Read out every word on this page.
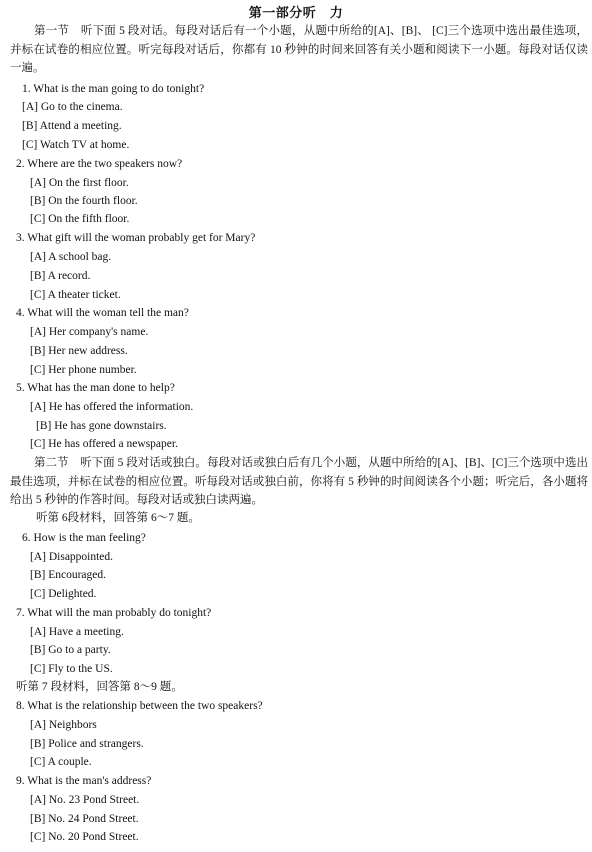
第一部分听　力

第一节　听下面 5 段对话。每段对话后有一个小题，从题中所给的[A]、[B]、 [C]三个选项中选出最佳选项，并标在试卷的相应位置。听完每段对话后，你都有 10 秒钟的时间来回答有关小题和阅读下一小题。每段对话仅读一遍。

1. What is the man going to do tonight?
[A] Go to the cinema.
[B] Attend a meeting.
[C] Watch TV at home.
2. Where are the two speakers now?
[A] On the first floor.
[B] On the fourth floor.
[C] On the fifth floor.
3. What gift will the woman probably get for Mary?
[A] A school bag.
[B] A record.
[C] A theater ticket.
4. What will the woman tell the man?
[A] Her company's name.
[B] Her new address.
[C] Her phone number.
5. What has the man done to help?
[A] He has offered the information.
[B] He has gone downstairs.
[C] He has offered a newspaper.

第二节　听下面 5 段对话或独白。每段对话或独白后有几个小题，从题中所给的[A]、[B]、[C]三个选项中选出最佳选项，并标在试卷的相应位置。听每段对话或独白前，你将有 5 秒钟的时间阅读各个小题；听完后，各小题将给出 5 秒钟的作答时间。每段对话或独白读两遍。

听第 6段材料，回答第 6～7 题。
6. How is the man feeling?
[A] Disappointed.
[B] Encouraged.
[C] Delighted.
7. What will the man probably do tonight?
[A] Have a meeting.
[B] Go to a party.
[C] Fly to the US.
听第 7 段材料，回答第 8～9 题。
8. What is the relationship between the two speakers?
[A] Neighbors
[B] Police and strangers.
[C] A couple.
9. What is the man's address?
[A] No. 23 Pond Street.
[B] No. 24 Pond Street.
[C] No. 20 Pond Street.
